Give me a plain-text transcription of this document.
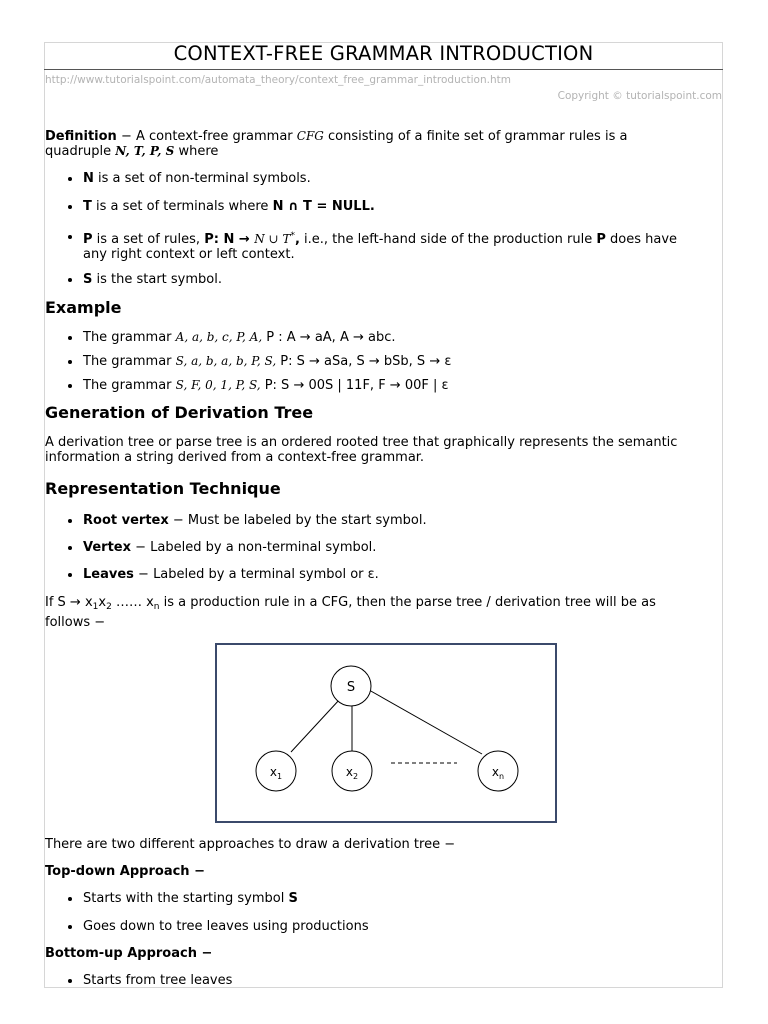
CONTEXT-FREE GRAMMAR INTRODUCTION
http://www.tutorialspoint.com/automata_theory/context_free_grammar_introduction.htm
Copyright © tutorialspoint.com
Definition − A context-free grammar CFG consisting of a finite set of grammar rules is a
quadruple N, T, P, S where
N is a set of non-terminal symbols.
T is a set of terminals where N ∩ T = NULL.
P is a set of rules, P: N → N ∪ T*, i.e., the left-hand side of the production rule P does have
any right context or left context.
S is the start symbol.
Example
The grammar A, a, b, c, P, A, P : A → aA, A → abc.
The grammar S, a, b, a, b, P, S, P: S → aSa, S → bSb, S → ε
The grammar S, F, 0, 1, P, S, P: S → 00S | 11F, F → 00F | ε
Generation of Derivation Tree
A derivation tree or parse tree is an ordered rooted tree that graphically represents the semantic
information a string derived from a context-free grammar.
Representation Technique
Root vertex − Must be labeled by the start symbol.
Vertex − Labeled by a non-terminal symbol.
Leaves − Labeled by a terminal symbol or ε.
If $S \to x_1x_2$ …… $x_n$ is a production rule in a CFG, then the parse tree / derivation tree will be as
follows −
S
$x_1$	$x_2$	$x_n$
There are two different approaches to draw a derivation tree −
Top-down Approach −
Starts with the starting symbol S
Goes down to tree leaves using productions
Bottom-up Approach −
Starts from tree leaves
